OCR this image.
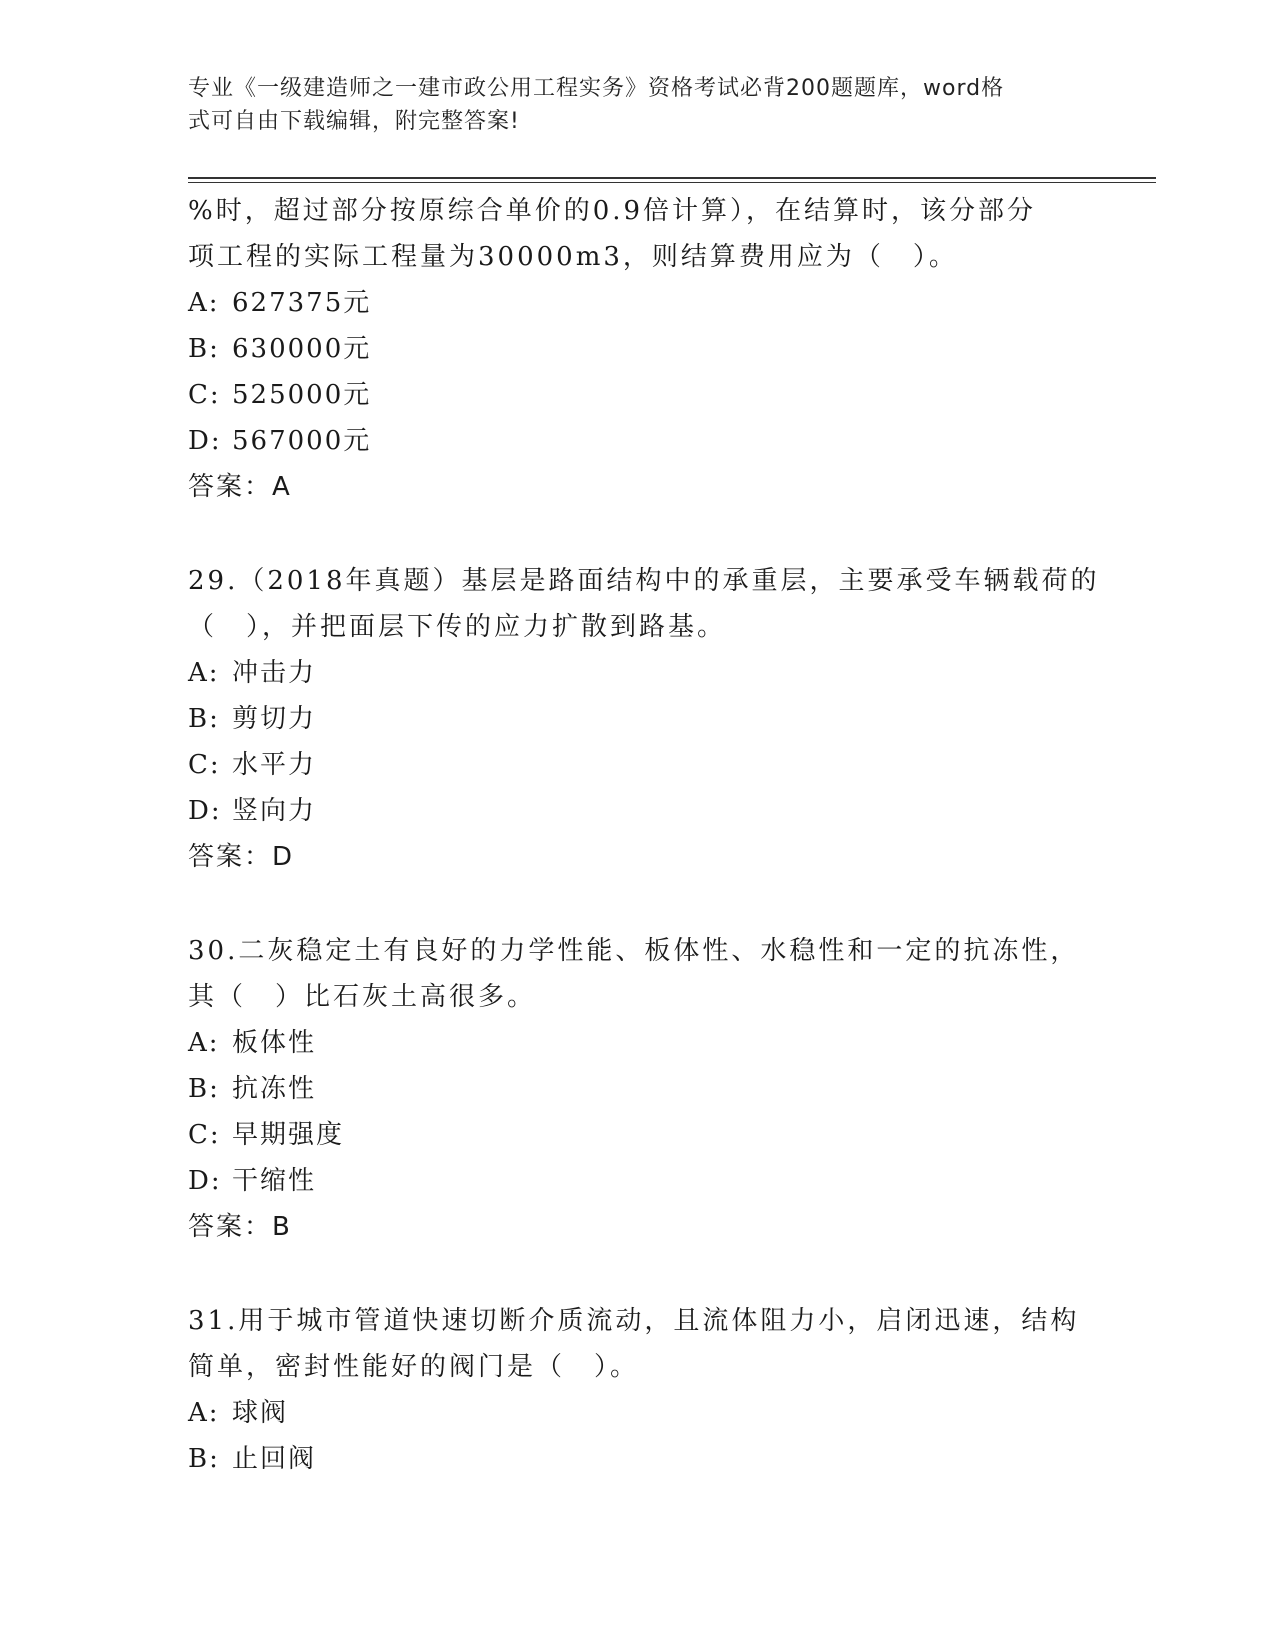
专业《一级建造师之一建市政公用工程实务》资格考试必背200题题库，word格
式可自由下载编辑，附完整答案!
%时，超过部分按原综合单价的0.9倍计算），在结算时，该分部分
项工程的实际工程量为30000m3，则结算费用应为（　）。
A: 627375元
B: 630000元
C: 525000元
D: 567000元
答案：A
29.（2018年真题）基层是路面结构中的承重层，主要承受车辆载荷的
（　），并把面层下传的应力扩散到路基。
A: 冲击力
B: 剪切力
C: 水平力
D: 竖向力
答案：D
30.二灰稳定土有良好的力学性能、板体性、水稳性和一定的抗冻性，
其（　）比石灰土高很多。
A: 板体性
B: 抗冻性
C: 早期强度
D: 干缩性
答案：B
31.用于城市管道快速切断介质流动，且流体阻力小，启闭迅速，结构
简单，密封性能好的阀门是（　）。
A: 球阀
B: 止回阀
